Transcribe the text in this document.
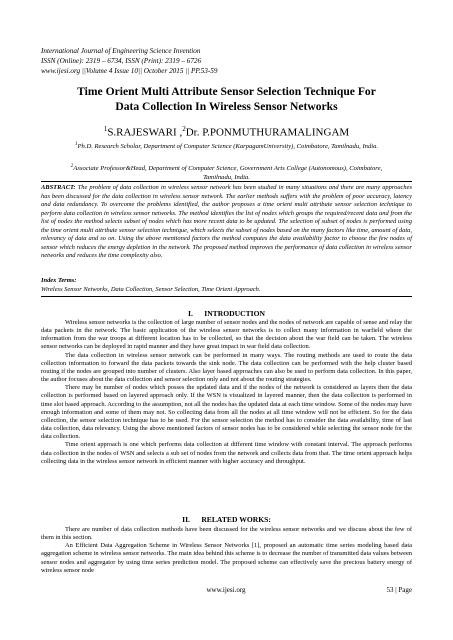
International Journal of Engineering Science Invention
ISSN (Online): 2319 – 6734, ISSN (Print): 2319 – 6726
www.ijesi.org ||Volume 4 Issue 10|| October 2015 || PP.53-59
Time Orient Multi Attribute Sensor Selection Technique For
Data Collection In Wireless Sensor Networks
$^1$S.RAJESWARI ,$^2$Dr. P.PONMUTHURAMALINGAM
$^1$Ph.D. Research Scholar, Department of Computer Science (KarpagamUniversity), Coimbatore, Tamilnadu, India.
$^2$Associate Professor&Head, Department of Computer Science, Government Arts College (Autonomous), Coimbatore, Tamilnadu, India.
ABSTRACT: The problem of data collection in wireless sensor network has been studied in many situations and there are many approaches has been discussed for the data collection in wireless sensor network. The earlier methods suffers with the problem of poor accuracy, latency and data redundancy. To overcome the problems identified, the author proposes a time orient multi attribute sensor selection technique to perform data collection in wireless sensor networks. The method identifies the list of nodes which groups the required/recent data and from the list of nodes the method selects subset of nodes which has more recent data to be updated. The selection of subset of nodes is performed using the time orient multi attribute sensor selection technique, which selects the subset of nodes based on the many factors like time, amount of data, relevancy of data and so on. Using the above mentioned factors the method computes the data availability factor to choose the few nodes of sensor which reduces the energy depletion in the network. The proposed method improves the performance of data collection in wireless sensor networks and reduces the time complexity also.
Index Terms:
Wireless Sensor Networks, Data Collection, Sensor Selection, Time Orient Approach.
I. INTRODUCTION

Wireless sensor networks is the collection of large number of sensor nodes and the nodes of network are capable of sense and relay the data packets in the network. The basic application of the wireless sensor networks is to collect many information in warfield where the information from the war troops at different location has to be collected, so that the decision about the war field can be taken. The wireless sensor networks can be deployed in rapid manner and they have great impact in war field data collection.

The data collection in wireless sensor network can be performed in many ways. The routing methods are used to route the data collection information to forward the data packets towards the sink node. The data collection can be performed with the help cluster based routing if the nodes are grouped into number of clusters. Also layer based approaches can also be used to perform data collection. In this paper, the author focuses about the data collection and sensor selection only and not about the routing strategies.

There may be number of nodes which posses the updated data and if the nodes of the network is considered as layers then the data collection is performed based on layered approach only. If the WSN is visualized in layered manner, then the data collection is performed in time slot based approach. According to the assumption, not all the nodes has the updated data at each time window. Some of the nodes may have enough information and some of them may not. So collecting data from all the nodes at all time window will not be efficient. So for the data collection, the sensor selection technique has to be used. For the sensor selection the method has to consider the data availability, time of last data collection, data relevancy. Using the above mentioned factors of sensor nodes has to be considered while selecting the sensor node for the data collection.

Time orient approach is one which performs data collection at different time window with constant interval. The approach performs data collection in the nodes of WSN and selects a sub set of nodes from the network and collects data from that. The time orient approach helps collecting data in the wireless sensor network in efficient manner with higher accuracy and throughput.

II. RELATED WORKS:

There are number of data collection methods have been discussed for the wireless sensor networks and we discuss about the few of them in this section.

An Efficient Data Aggregation Scheme in Wireless Sensor Networks [1], proposed an automatic time series modeling based data aggregation scheme in wireless sensor networks. The main idea behind this scheme is to decrease the number of transmitted data values between sensor nodes and aggregator by using time series prediction model. The proposed scheme can effectively save the precious battery energy of wireless sensor node

www.ijesi.org	53 | Page
